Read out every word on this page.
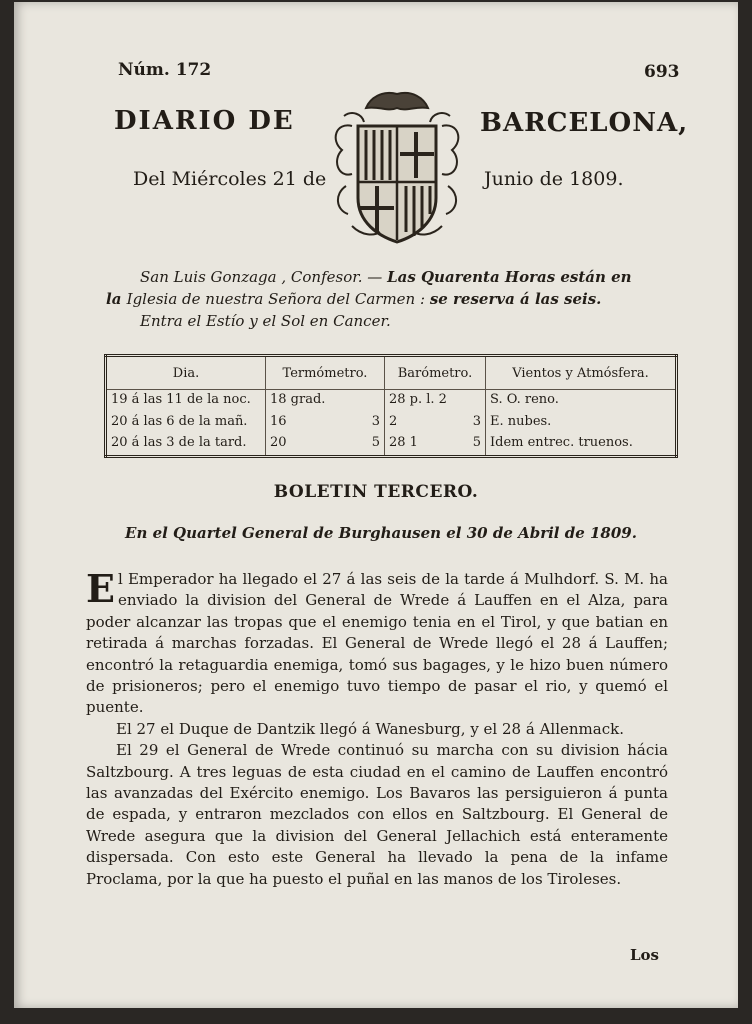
Núm. 172	693
DIARIO DE	BARCELONA,
Del Miércoles 21 de	Junio de 1809.

San Luis Gonzaga , Confesor. — Las Quarenta Horas están en

la Iglesia de nuestra Señora del Carmen : se reserva á las seis.

Entra el Estío y el Sol en Cancer.

Dia.	Termómetro.	Barómetro.	Vientos y Atmósfera.
19 á las 11 de la noc.	18 grad.	28 p. l. 2	S. O. reno.
20 á las 6 de la mañ.	16 3	2 3	E. nubes.
20 á las 3 de la tard.	20 5	28 1 5	Idem entrec. truenos.
BOLETIN TERCERO.
En el Quartel General de Burghausen el 30 de Abril de 1809.

El Emperador ha llegado el 27 á las seis de la tarde á Mulhdorf. S. M. ha enviado la division del General de Wrede á Lauffen en el Alza, para poder alcanzar las tropas que el enemigo tenia en el Tirol, y que batian en retirada á marchas forzadas. El General de Wrede llegó el 28 á Lauffen; encontró la retaguardia enemiga, tomó sus bagages, y le hizo buen número de prisioneros; pero el enemigo tuvo tiempo de pasar el rio, y quemó el puente.

El 27 el Duque de Dantzik llegó á Wanesburg, y el 28 á Allenmack.

El 29 el General de Wrede continuó su marcha con su division hácia Saltzbourg. A tres leguas de esta ciudad en el camino de Lauffen encontró las avanzadas del Exército enemigo. Los Bavaros las persiguieron á punta de espada, y entraron mezclados con ellos en Saltzbourg. El General de Wrede asegura que la division del General Jellachich está enteramente dispersada. Con esto este General ha llevado la pena de la infame Proclama, por la que ha puesto el puñal en las manos de los Tiroleses.

Los
